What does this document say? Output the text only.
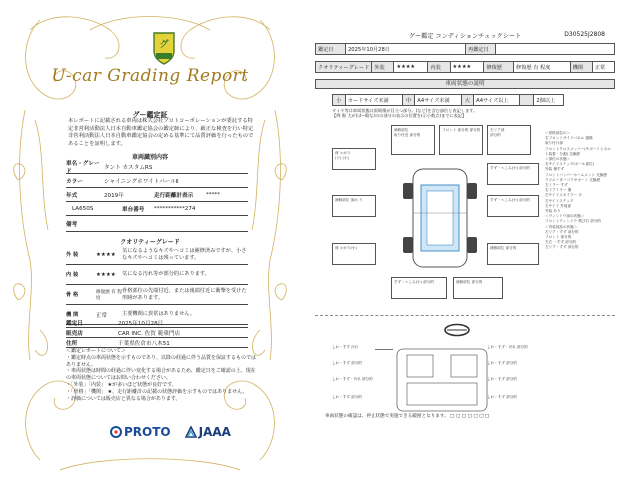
グ
U-car Grading Report
グー鑑定証
本レポートに記載される車両は株式会社プロトコーポレーションが委託する特定非営利活動法人日本自動車鑑定協会の鑑定師により、厳正な検査を行い特定非営利活動法人日本自動車鑑定協会の定める基準にて品質評価を行ったものであることを証明します。
車両識別内容
車名・グレード
タント カスタムRS
カラー	シャイニングホワイトパールⅡ
年式	2019年	走行距離計表示	*****
LA650S	車台番号	***********274
備考
クオリティーグレード
外 装	★★★★
気になるようなキズやヘコミは補修済みですが、小さなキズやヘコミは残っています。
内 装	★★★★	気になる汚れ等が部分的にあります。
骨 格	修復歴 有 程度
骨格部位の先端付近、または後端付近に衝撃を受けた形跡があります。
機 関	正常	主要機関に異常はありません。
鑑定日	2025年10月28日
販売店	CAR INC. 佐賀 範乗門店
住所	千葉県佐倉市八木51
＜鑑定レポートについて＞
・鑑定時点の車両状態を示すものであり、以降の経過に伴う品質を保証するものではありません。
・車両状態は時間の経過に伴い変化する場合があるため、鑑定日をご確認の上、現在の車両状態についてはお問い合わせください。
・「外装」「内装」 ★が多いほど状態が良好です。
・「骨格」「機関」 ★、走行距離計の記載の状態評価を示すものではありません。
・評価については販売店と異なる場合があります。
PROTO JAAA
グー鑑定 コンディションチェックシート	D30525J2808
鑑定日	2025年10月28日	再鑑定日	
クオリティーグレード	外装	★★★★	内装	★★★★	修復歴	修復歴 有 程度	機関	正常
車両状態の説明
小	カードサイズ未満	中	A4サイズ未満	大	A4サイズ以上		2個以上
タイヤ等は車両状態は原則傷が目立つ部分。(など)を含む部位と表記します。
【例 傷 大が(ぱ~傷な)のの部分の表示の位置を(示小数点)までに表記】
補修部位
取り付近 部分的
フロント 部分的 部分的	左リア部
部分的
荷 ＊がり
(ワ) (小)
すず・ヘこみ(小) 部分的
補修部位 頂め り	すず・ヘこみ(小) 部分的
荷 ＊がり(小)	補修部位 部分的
すず・ヘこみ(小) 部分的	補修部位 部分的
しわ・すす 汚れ	しわ・すず・汚れ 部分的
しわ・すず 部分的	しわ・すず 部分的
しわ・すず・汚れ 部分的	しわ・すず 部分的
しわ・すず 部分的	しわ・すず 部分的
＜骨格部位の＞
右フロントサイドパネル 損傷
取り付け部
フロントクロスメンバー(サポートとボルト装着・分割) 交換歴
＜部位の状態＞
右サイドステップ(ポール部位)
外装 傷すず
フロントバンパーホームメント 交換歴
ラジエーターコアサポート 交換歴
左ミラー すず
右ドアミラー 傷
左サイドスポイラー 少
左サイドステップ
左サイド 外装部
外装 あり
＜ウィンドウ部の状態＞
フロントウィンドウ 飛び石 部分的
＜内装部品の状態＞
左リア・すず 部分的
フロント 部分的
左右 ・すず 部分的
左リア・すず 部分的
車両状態の確認は、停止状態で実施できる範囲となります。 □ □ □ □ □ □ □
